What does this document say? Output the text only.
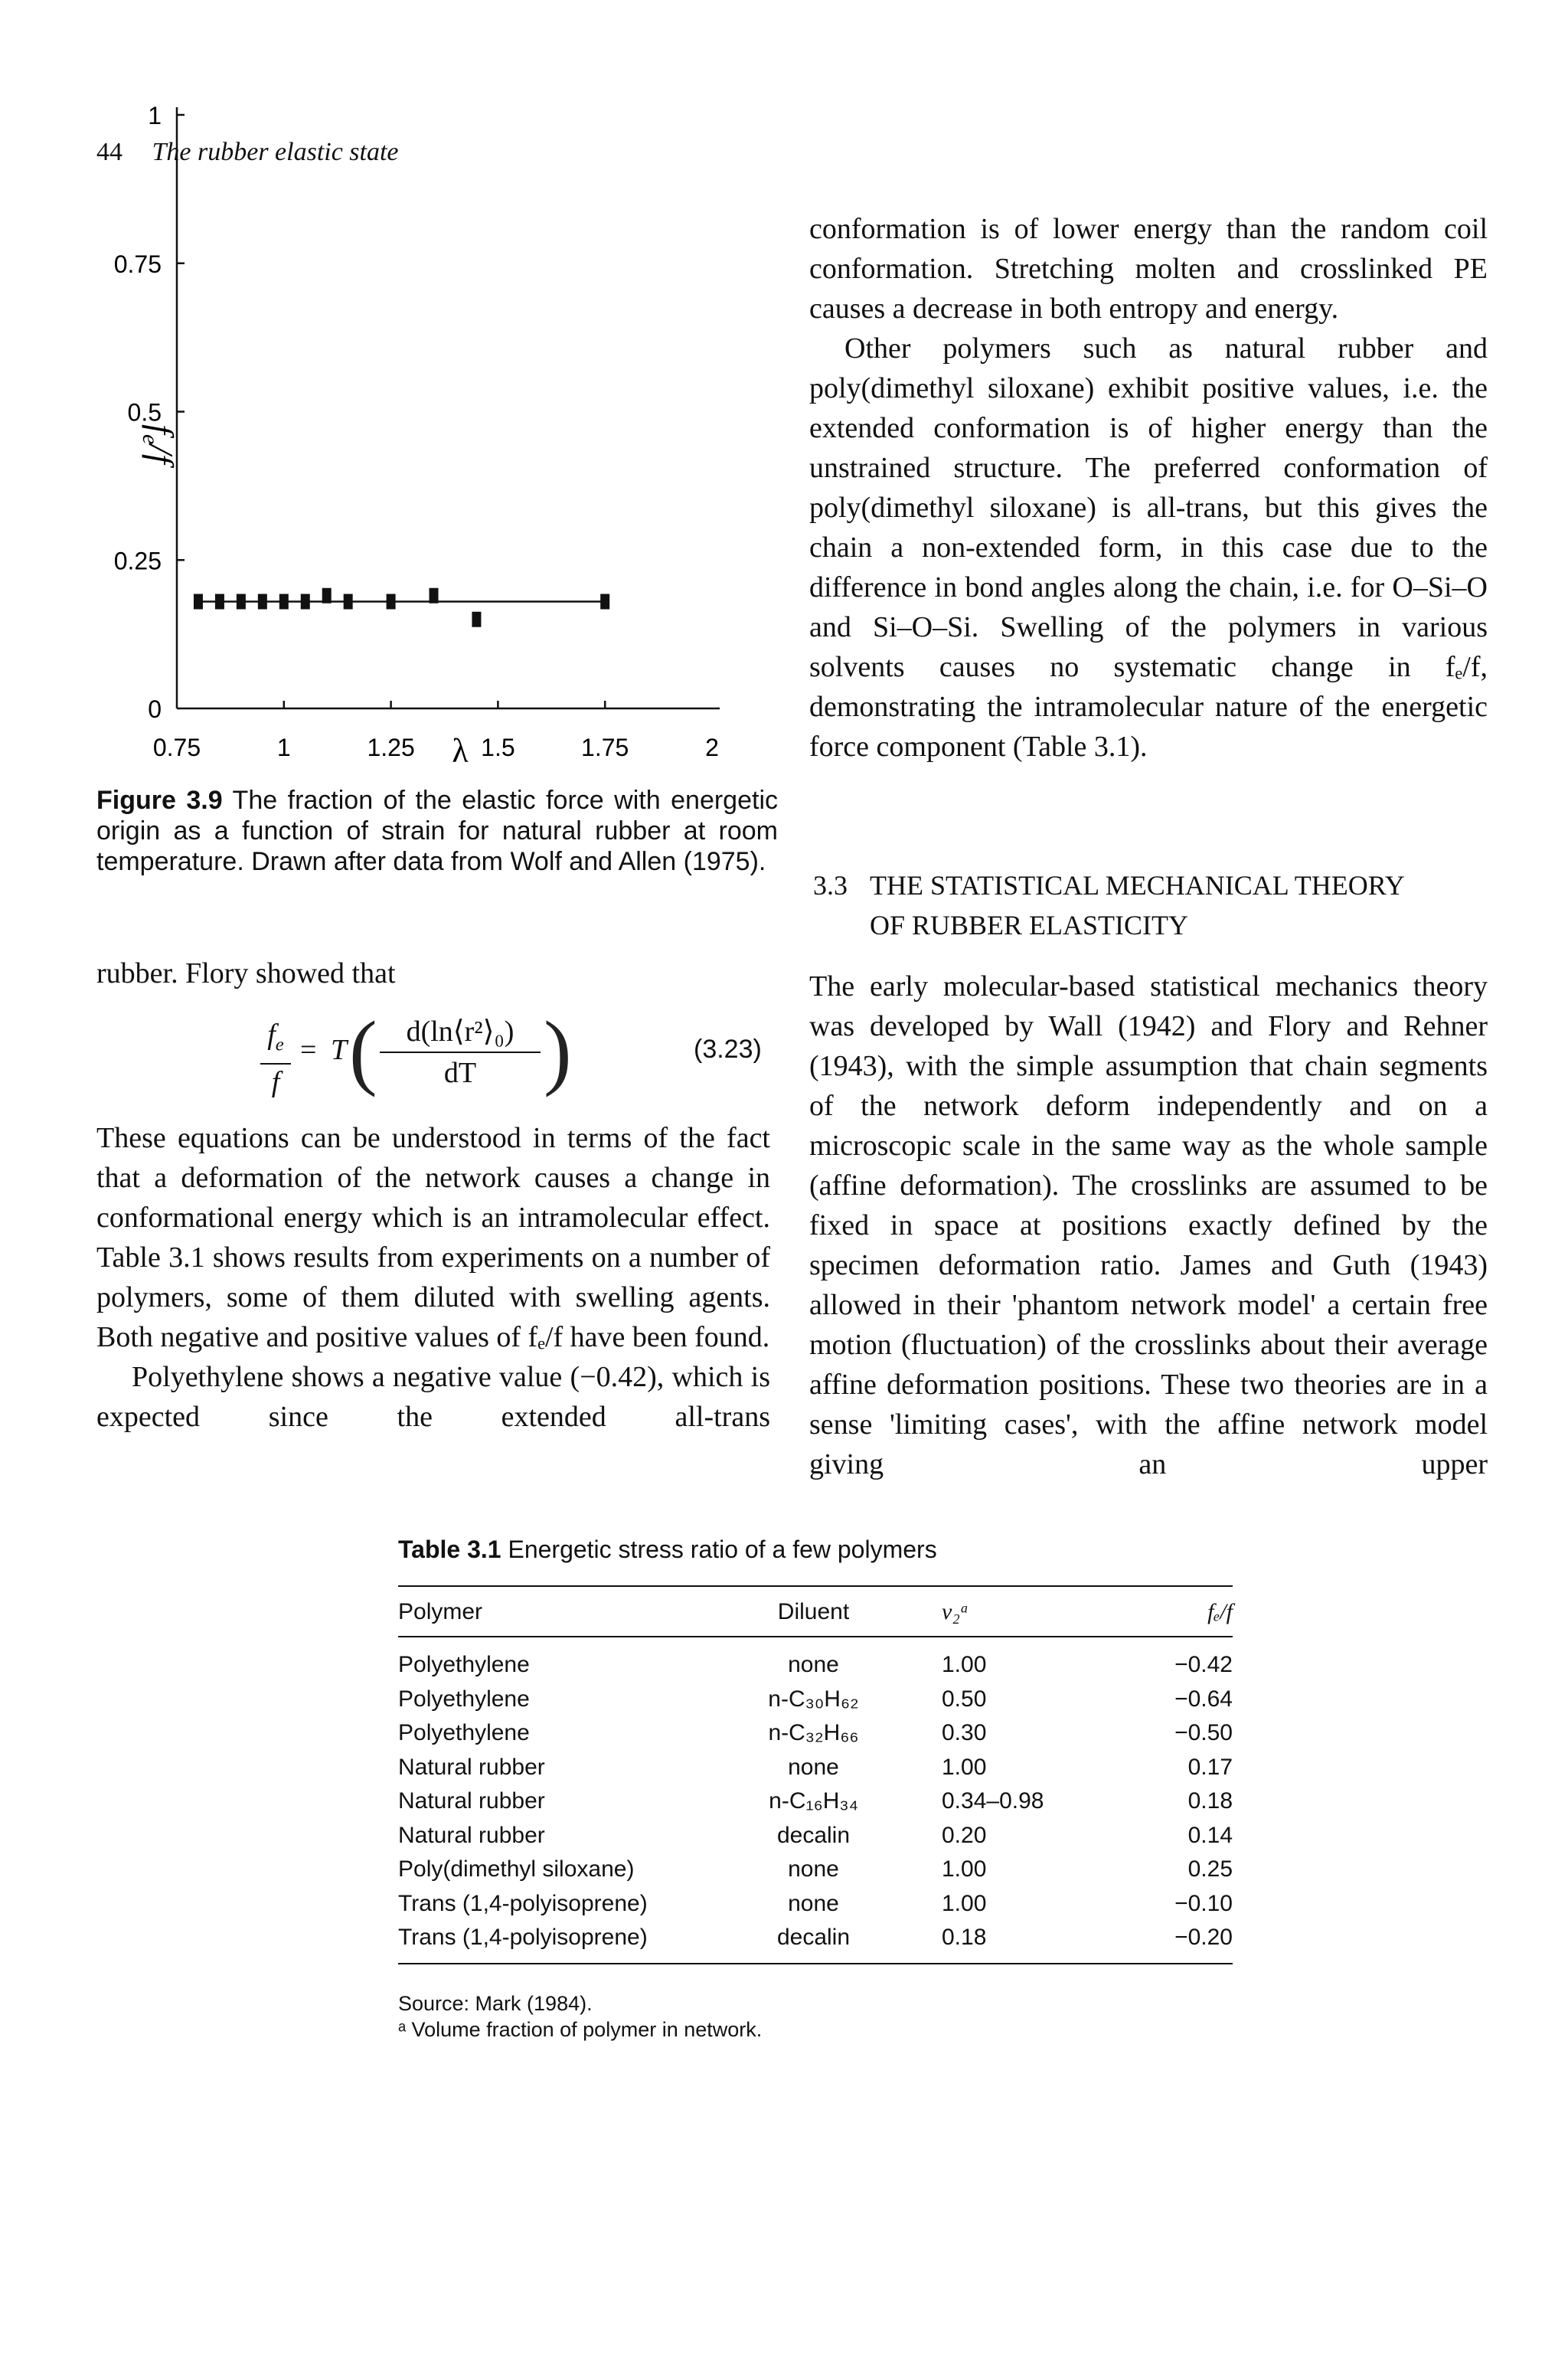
44 The rubber elastic state
0
0.25
0.5
0.75
1
0.75	1	1.25	1.5	1.75	2
fe/f
λ
Figure 3.9 The fraction of the elastic force with energetic origin as a function of strain for natural rubber at room temperature. Drawn after data from Wolf and Allen (1975).

rubber. Flory showed that

$f_e$
f
= T ( d(ln⟨r²⟩₀)
dT )	(3.23)

These equations can be understood in terms of the fact that a deformation of the network causes a change in conformational energy which is an intramolecular effect. Table 3.1 shows results from experiments on a number of polymers, some of them diluted with swelling agents. Both negative and positive values of fₑ/f have been found.

Polyethylene shows a negative value (−0.42), which is expected since the extended all-trans

conformation is of lower energy than the random coil conformation. Stretching molten and crosslinked PE causes a decrease in both entropy and energy.

Other polymers such as natural rubber and poly(dimethyl siloxane) exhibit positive values, i.e. the extended conformation is of higher energy than the unstrained structure. The preferred conformation of poly(dimethyl siloxane) is all-trans, but this gives the chain a non-extended form, in this case due to the difference in bond angles along the chain, i.e. for O–Si–O and Si–O–Si. Swelling of the polymers in various solvents causes no systematic change in fₑ/f, demonstrating the intramolecular nature of the energetic force component (Table 3.1).

3.3 THE STATISTICAL MECHANICAL THEORY
OF RUBBER ELASTICITY

The early molecular-based statistical mechanics theory was developed by Wall (1942) and Flory and Rehner (1943), with the simple assumption that chain segments of the network deform independently and on a microscopic scale in the same way as the whole sample (affine deformation). The crosslinks are assumed to be fixed in space at positions exactly defined by the specimen deformation ratio. James and Guth (1943) allowed in their 'phantom network model' a certain free motion (fluctuation) of the crosslinks about their average affine deformation positions. These two theories are in a sense 'limiting cases', with the affine network model giving an upper

Table 3.1 Energetic stress ratio of a few polymers
Polymer	Diluent	v₂ᵃ	fₑ/f
Polyethylene	none	1.00	−0.42
Polyethylene	n-C₃₀H₆₂	0.50	−0.64
Polyethylene	n-C₃₂H₆₆	0.30	−0.50
Natural rubber	none	1.00	0.17
Natural rubber	n-C₁₆H₃₄	0.34–0.98	0.18
Natural rubber	decalin	0.20	0.14
Poly(dimethyl siloxane)	none	1.00	0.25
Trans (1,4-polyisoprene)	none	1.00	−0.10
Trans (1,4-polyisoprene)	decalin	0.18	−0.20
Source: Mark (1984).
ᵃ Volume fraction of polymer in network.
